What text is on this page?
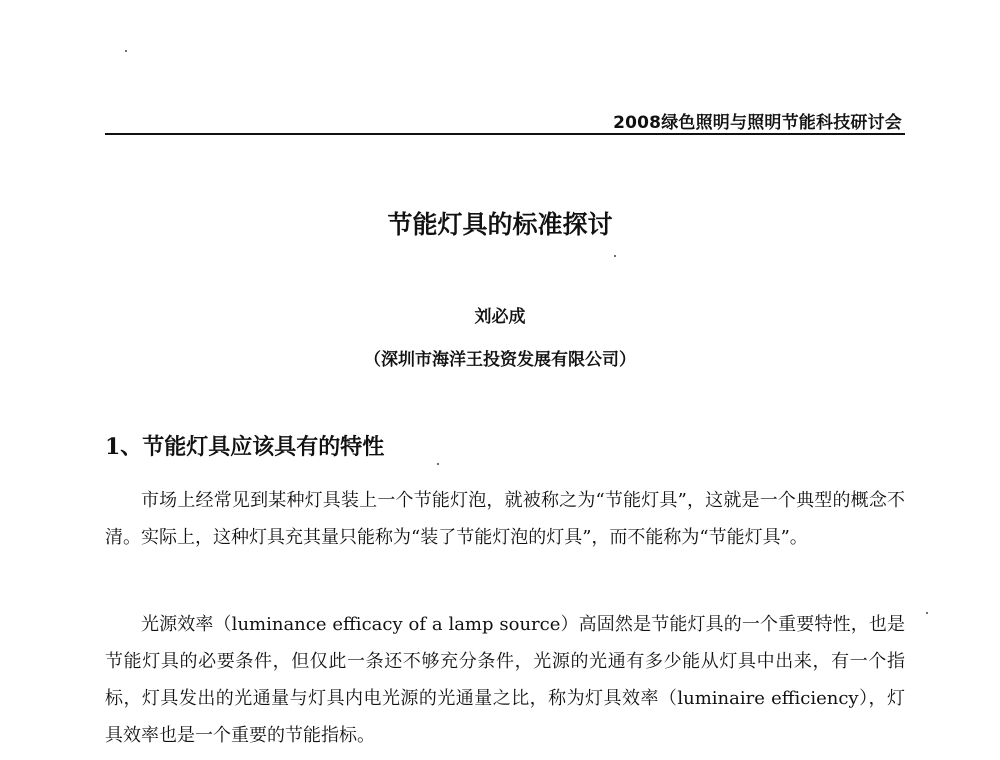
2008绿色照明与照明节能科技研讨会
节能灯具的标准探讨
刘必成
（深圳市海洋王投资发展有限公司）
1、节能灯具应该具有的特性

市场上经常见到某种灯具装上一个节能灯泡，就被称之为“节能灯具”，这就是一个典型的概念不清。实际上，这种灯具充其量只能称为“装了节能灯泡的灯具”，而不能称为“节能灯具”。

光源效率（luminance efficacy of a lamp source）高固然是节能灯具的一个重要特性，也是节能灯具的必要条件，但仅此一条还不够充分条件，光源的光通有多少能从灯具中出来，有一个指标，灯具发出的光通量与灯具内电光源的光通量之比，称为灯具效率（luminaire efficiency），灯具效率也是一个重要的节能指标。
